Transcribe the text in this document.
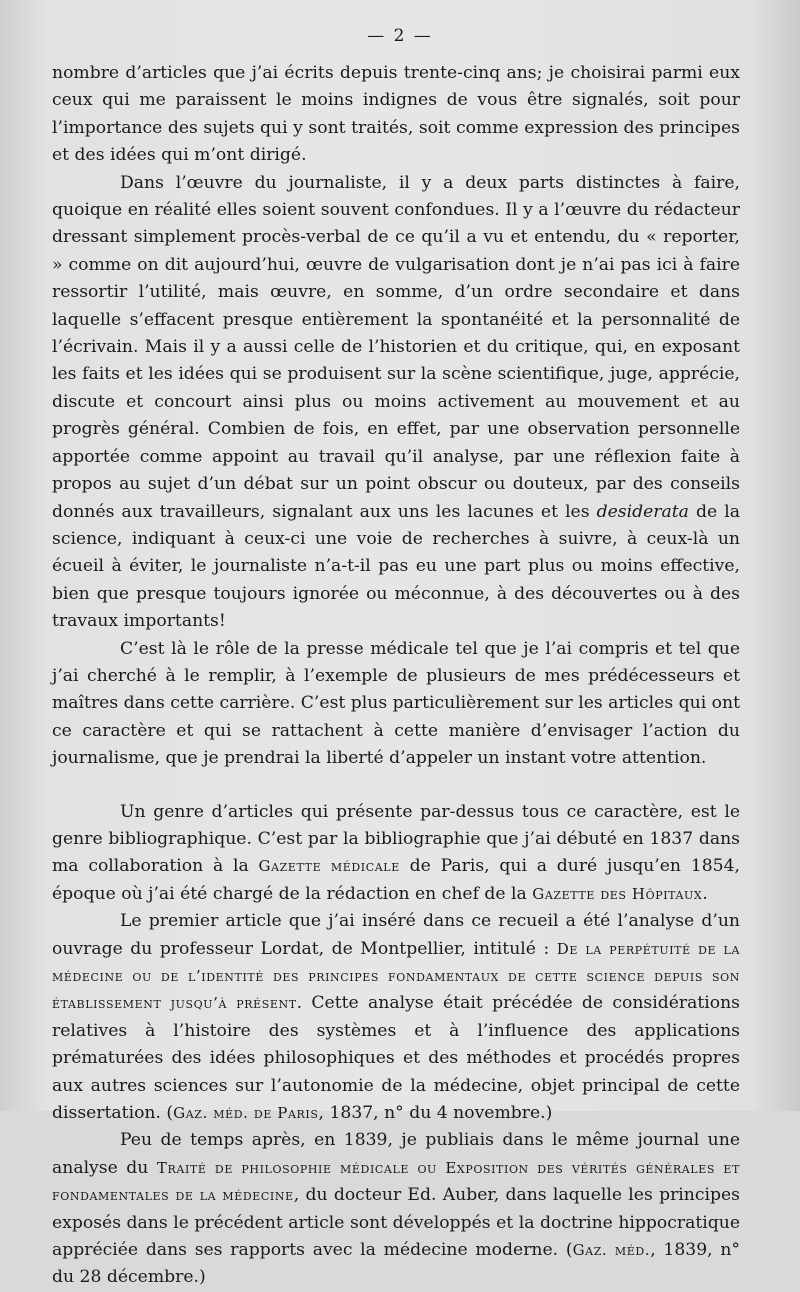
— 2 —

nombre d’articles que j’ai écrits depuis trente-cinq ans; je choisirai parmi eux ceux qui me paraissent le moins indignes de vous être signalés, soit pour l’importance des sujets qui y sont traités, soit comme expression des principes et des idées qui m’ont dirigé.

Dans l’œuvre du journaliste, il y a deux parts distinctes à faire, quoique en réalité elles soient souvent confondues. Il y a l’œuvre du rédacteur dressant simplement procès-verbal de ce qu’il a vu et entendu, du « reporter, » comme on dit aujourd’hui, œuvre de vulgarisation dont je n’ai pas ici à faire ressortir l’utilité, mais œuvre, en somme, d’un ordre secondaire et dans laquelle s’effacent presque entièrement la spontanéité et la personnalité de l’écrivain. Mais il y a aussi celle de l’historien et du critique, qui, en exposant les faits et les idées qui se produisent sur la scène scientifique, juge, apprécie, discute et concourt ainsi plus ou moins activement au mouvement et au progrès général. Combien de fois, en effet, par une observation personnelle apportée comme appoint au travail qu’il analyse, par une réflexion faite à propos au sujet d’un débat sur un point obscur ou douteux, par des conseils donnés aux travailleurs, signalant aux uns les lacunes et les desiderata de la science, indiquant à ceux-ci une voie de recherches à suivre, à ceux-là un écueil à éviter, le journaliste n’a-t-il pas eu une part plus ou moins effective, bien que presque toujours ignorée ou méconnue, à des découvertes ou à des travaux importants!

C’est là le rôle de la presse médicale tel que je l’ai compris et tel que j’ai cherché à le remplir, à l’exemple de plusieurs de mes prédécesseurs et maîtres dans cette carrière. C’est plus particulièrement sur les articles qui ont ce caractère et qui se rattachent à cette manière d’envisager l’action du journalisme, que je prendrai la liberté d’appeler un instant votre attention.

Un genre d’articles qui présente par-dessus tous ce caractère, est le genre bibliographique. C’est par la bibliographie que j’ai débuté en 1837 dans ma collaboration à la Gazette médicale de Paris, qui a duré jusqu’en 1854, époque où j’ai été chargé de la rédaction en chef de la Gazette des Hôpitaux.

Le premier article que j’ai inséré dans ce recueil a été l’analyse d’un ouvrage du professeur Lordat, de Montpellier, intitulé : De la perpétuité de la médecine ou de l’identité des principes fondamentaux de cette science depuis son établissement jusqu’à présent. Cette analyse était précédée de considérations relatives à l’histoire des systèmes et à l’influence des applications prématurées des idées philosophiques et des méthodes et procédés propres aux autres sciences sur l’autonomie de la médecine, objet principal de cette dissertation. (Gaz. méd. de Paris, 1837, n° du 4 novembre.)

Peu de temps après, en 1839, je publiais dans le même journal une analyse du Traité de philosophie médicale ou Exposition des vérités générales et fondamentales de la médecine, du docteur Ed. Auber, dans laquelle les principes exposés dans le précédent article sont développés et la doctrine hippocratique appréciée dans ses rapports avec la médecine moderne. (Gaz. méd., 1839, n° du 28 décembre.)
